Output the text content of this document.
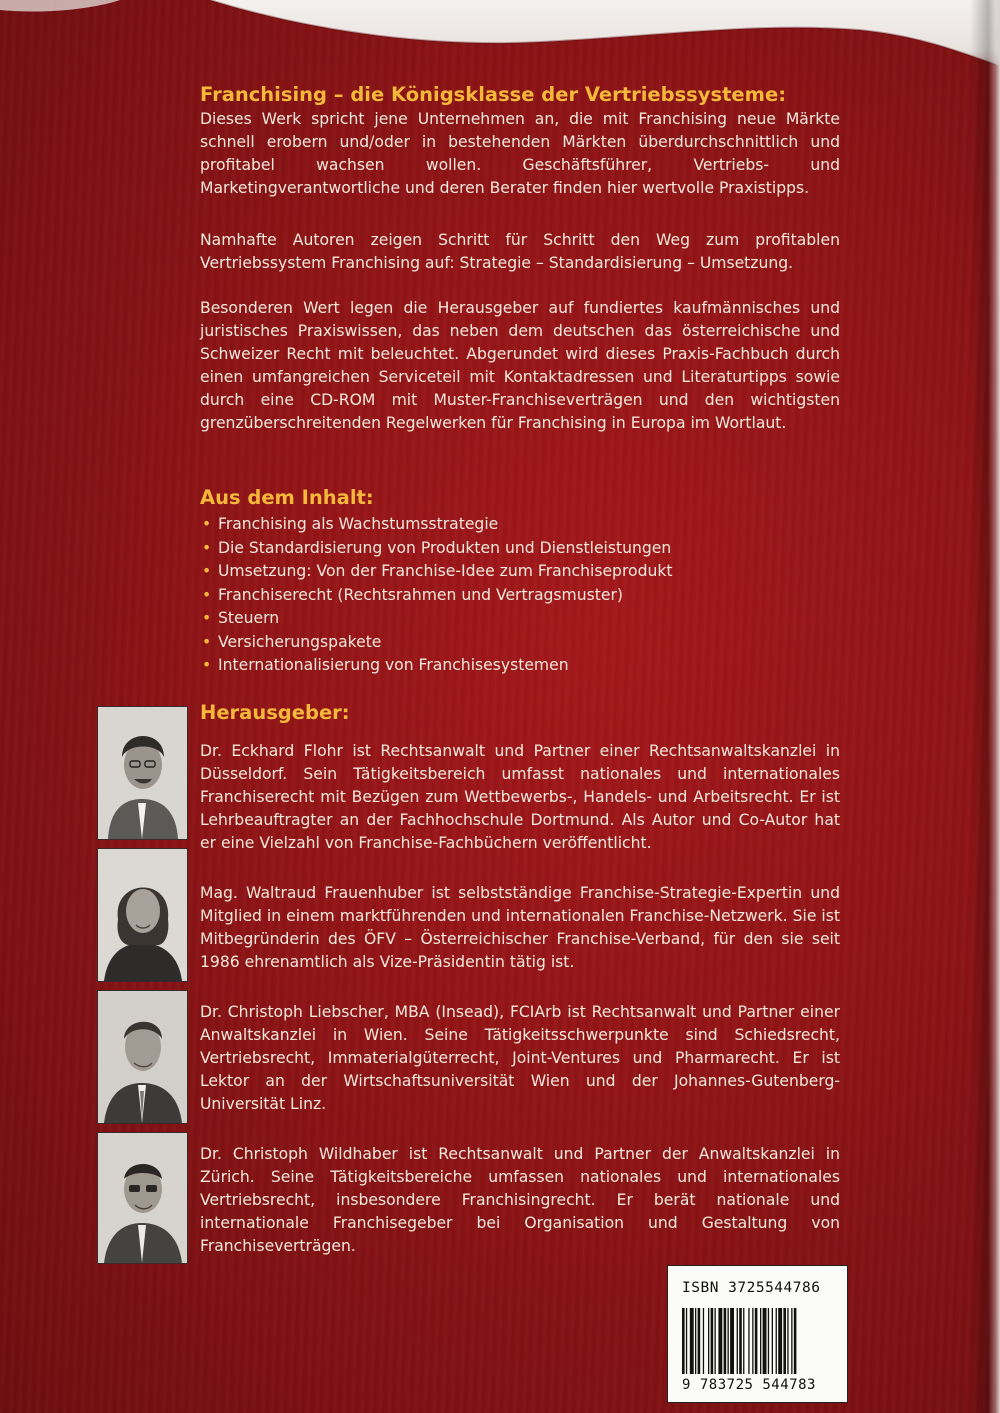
Franchising – die Königsklasse der Vertriebssysteme:

Dieses Werk spricht jene Unternehmen an, die mit Franchising neue Märkte schnell erobern und/oder in bestehenden Märkten überdurchschnittlich und profitabel wachsen wollen. Geschäftsführer, Vertriebs- und Marketingverantwortliche und deren Berater finden hier wertvolle Praxistipps.

Namhafte Autoren zeigen Schritt für Schritt den Weg zum profitablen Vertriebssystem Franchising auf: Strategie – Standardisierung – Umsetzung.

Besonderen Wert legen die Herausgeber auf fundiertes kaufmännisches und juristisches Praxiswissen, das neben dem deutschen das österreichische und Schweizer Recht mit beleuchtet. Abgerundet wird dieses Praxis-Fachbuch durch einen umfangreichen Serviceteil mit Kontaktadressen und Literaturtipps sowie durch eine CD-ROM mit Muster-Franchiseverträgen und den wichtigsten grenzüberschreitenden Regelwerken für Franchising in Europa im Wortlaut.

Aus dem Inhalt:
• Franchising als Wachstumsstrategie
• Die Standardisierung von Produkten und Dienstleistungen
• Umsetzung: Von der Franchise-Idee zum Franchiseprodukt
• Franchiserecht (Rechtsrahmen und Vertragsmuster)
• Steuern
• Versicherungspakete
• Internationalisierung von Franchisesystemen
Herausgeber:

Dr. Eckhard Flohr ist Rechtsanwalt und Partner einer Rechtsanwaltskanzlei in Düsseldorf. Sein Tätigkeitsbereich umfasst nationales und internationales Franchiserecht mit Bezügen zum Wettbewerbs-, Handels- und Arbeitsrecht. Er ist Lehrbeauftragter an der Fachhochschule Dortmund. Als Autor und Co-Autor hat er eine Vielzahl von Franchise-Fachbüchern veröffentlicht.

Mag. Waltraud Frauenhuber ist selbstständige Franchise-Strategie-Expertin und Mitglied in einem marktführenden und internationalen Franchise-Netzwerk. Sie ist Mitbegründerin des ÖFV – Österreichischer Franchise-Verband, für den sie seit 1986 ehrenamtlich als Vize-Präsidentin tätig ist.

Dr. Christoph Liebscher, MBA (Insead), FCIArb ist Rechtsanwalt und Partner einer Anwaltskanzlei in Wien. Seine Tätigkeitsschwerpunkte sind Schiedsrecht, Vertriebsrecht, Immaterialgüterrecht, Joint-Ventures und Pharmarecht. Er ist Lektor an der Wirtschaftsuniversität Wien und der Johannes-Gutenberg-Universität Linz.

Dr. Christoph Wildhaber ist Rechtsanwalt und Partner der Anwaltskanzlei in Zürich. Seine Tätigkeitsbereiche umfassen nationales und internationales Vertriebsrecht, insbesondere Franchisingrecht. Er berät nationale und internationale Franchisegeber bei Organisation und Gestaltung von Franchiseverträgen.

ISBN 3725544786
9 783725 544783
